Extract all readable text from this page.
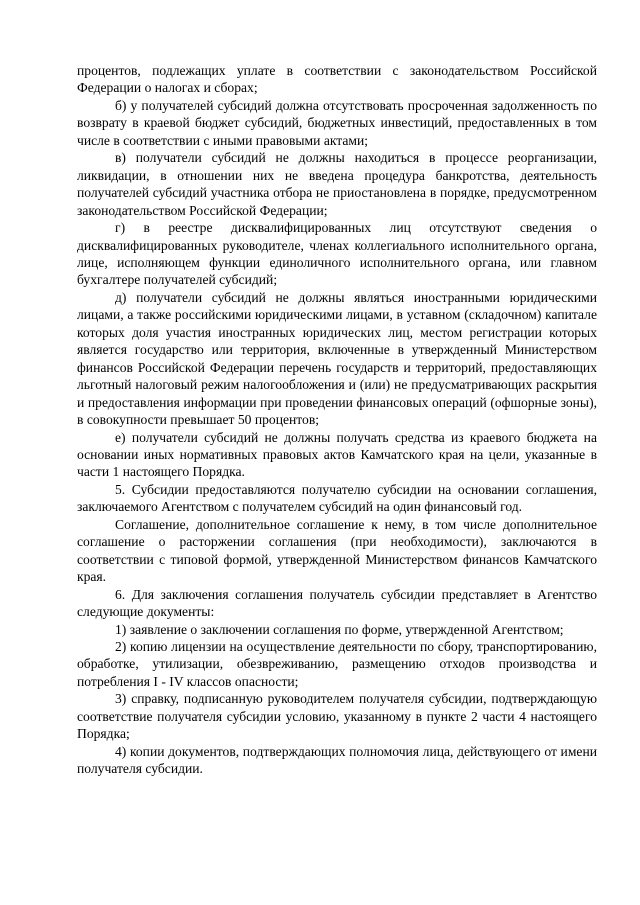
процентов, подлежащих уплате в соответствии с законодательством Российской Федерации о налогах и сборах;

б) у получателей субсидий должна отсутствовать просроченная задолженность по возврату в краевой бюджет субсидий, бюджетных инвестиций, предоставленных в том числе в соответствии с иными правовыми актами;

в) получатели субсидий не должны находиться в процессе реорганизации, ликвидации, в отношении них не введена процедура банкротства, деятельность получателей субсидий участника отбора не приостановлена в порядке, предусмотренном законодательством Российской Федерации;

г) в реестре дисквалифицированных лиц отсутствуют сведения о дисквалифицированных руководителе, членах коллегиального исполнительного органа, лице, исполняющем функции единоличного исполнительного органа, или главном бухгалтере получателей субсидий;

д) получатели субсидий не должны являться иностранными юридическими лицами, а также российскими юридическими лицами, в уставном (складочном) капитале которых доля участия иностранных юридических лиц, местом регистрации которых является государство или территория, включенные в утвержденный Министерством финансов Российской Федерации перечень государств и территорий, предоставляющих льготный налоговый режим налогообложения и (или) не предусматривающих раскрытия и предоставления информации при проведении финансовых операций (офшорные зоны), в совокупности превышает 50 процентов;

е) получатели субсидий не должны получать средства из краевого бюджета на основании иных нормативных правовых актов Камчатского края на цели, указанные в части 1 настоящего Порядка.

5. Субсидии предоставляются получателю субсидии на основании соглашения, заключаемого Агентством с получателем субсидий на один финансовый год.

Соглашение, дополнительное соглашение к нему, в том числе дополнительное соглашение о расторжении соглашения (при необходимости), заключаются в соответствии с типовой формой, утвержденной Министерством финансов Камчатского края.

6. Для заключения соглашения получатель субсидии представляет в Агентство следующие документы:

1) заявление о заключении соглашения по форме, утвержденной Агентством;

2) копию лицензии на осуществление деятельности по сбору, транспортированию, обработке, утилизации, обезвреживанию, размещению отходов производства и потребления I - IV классов опасности;

3) справку, подписанную руководителем получателя субсидии, подтверждающую соответствие получателя субсидии условию, указанному в пункте 2 части 4 настоящего Порядка;

4) копии документов, подтверждающих полномочия лица, действующего от имени получателя субсидии.
